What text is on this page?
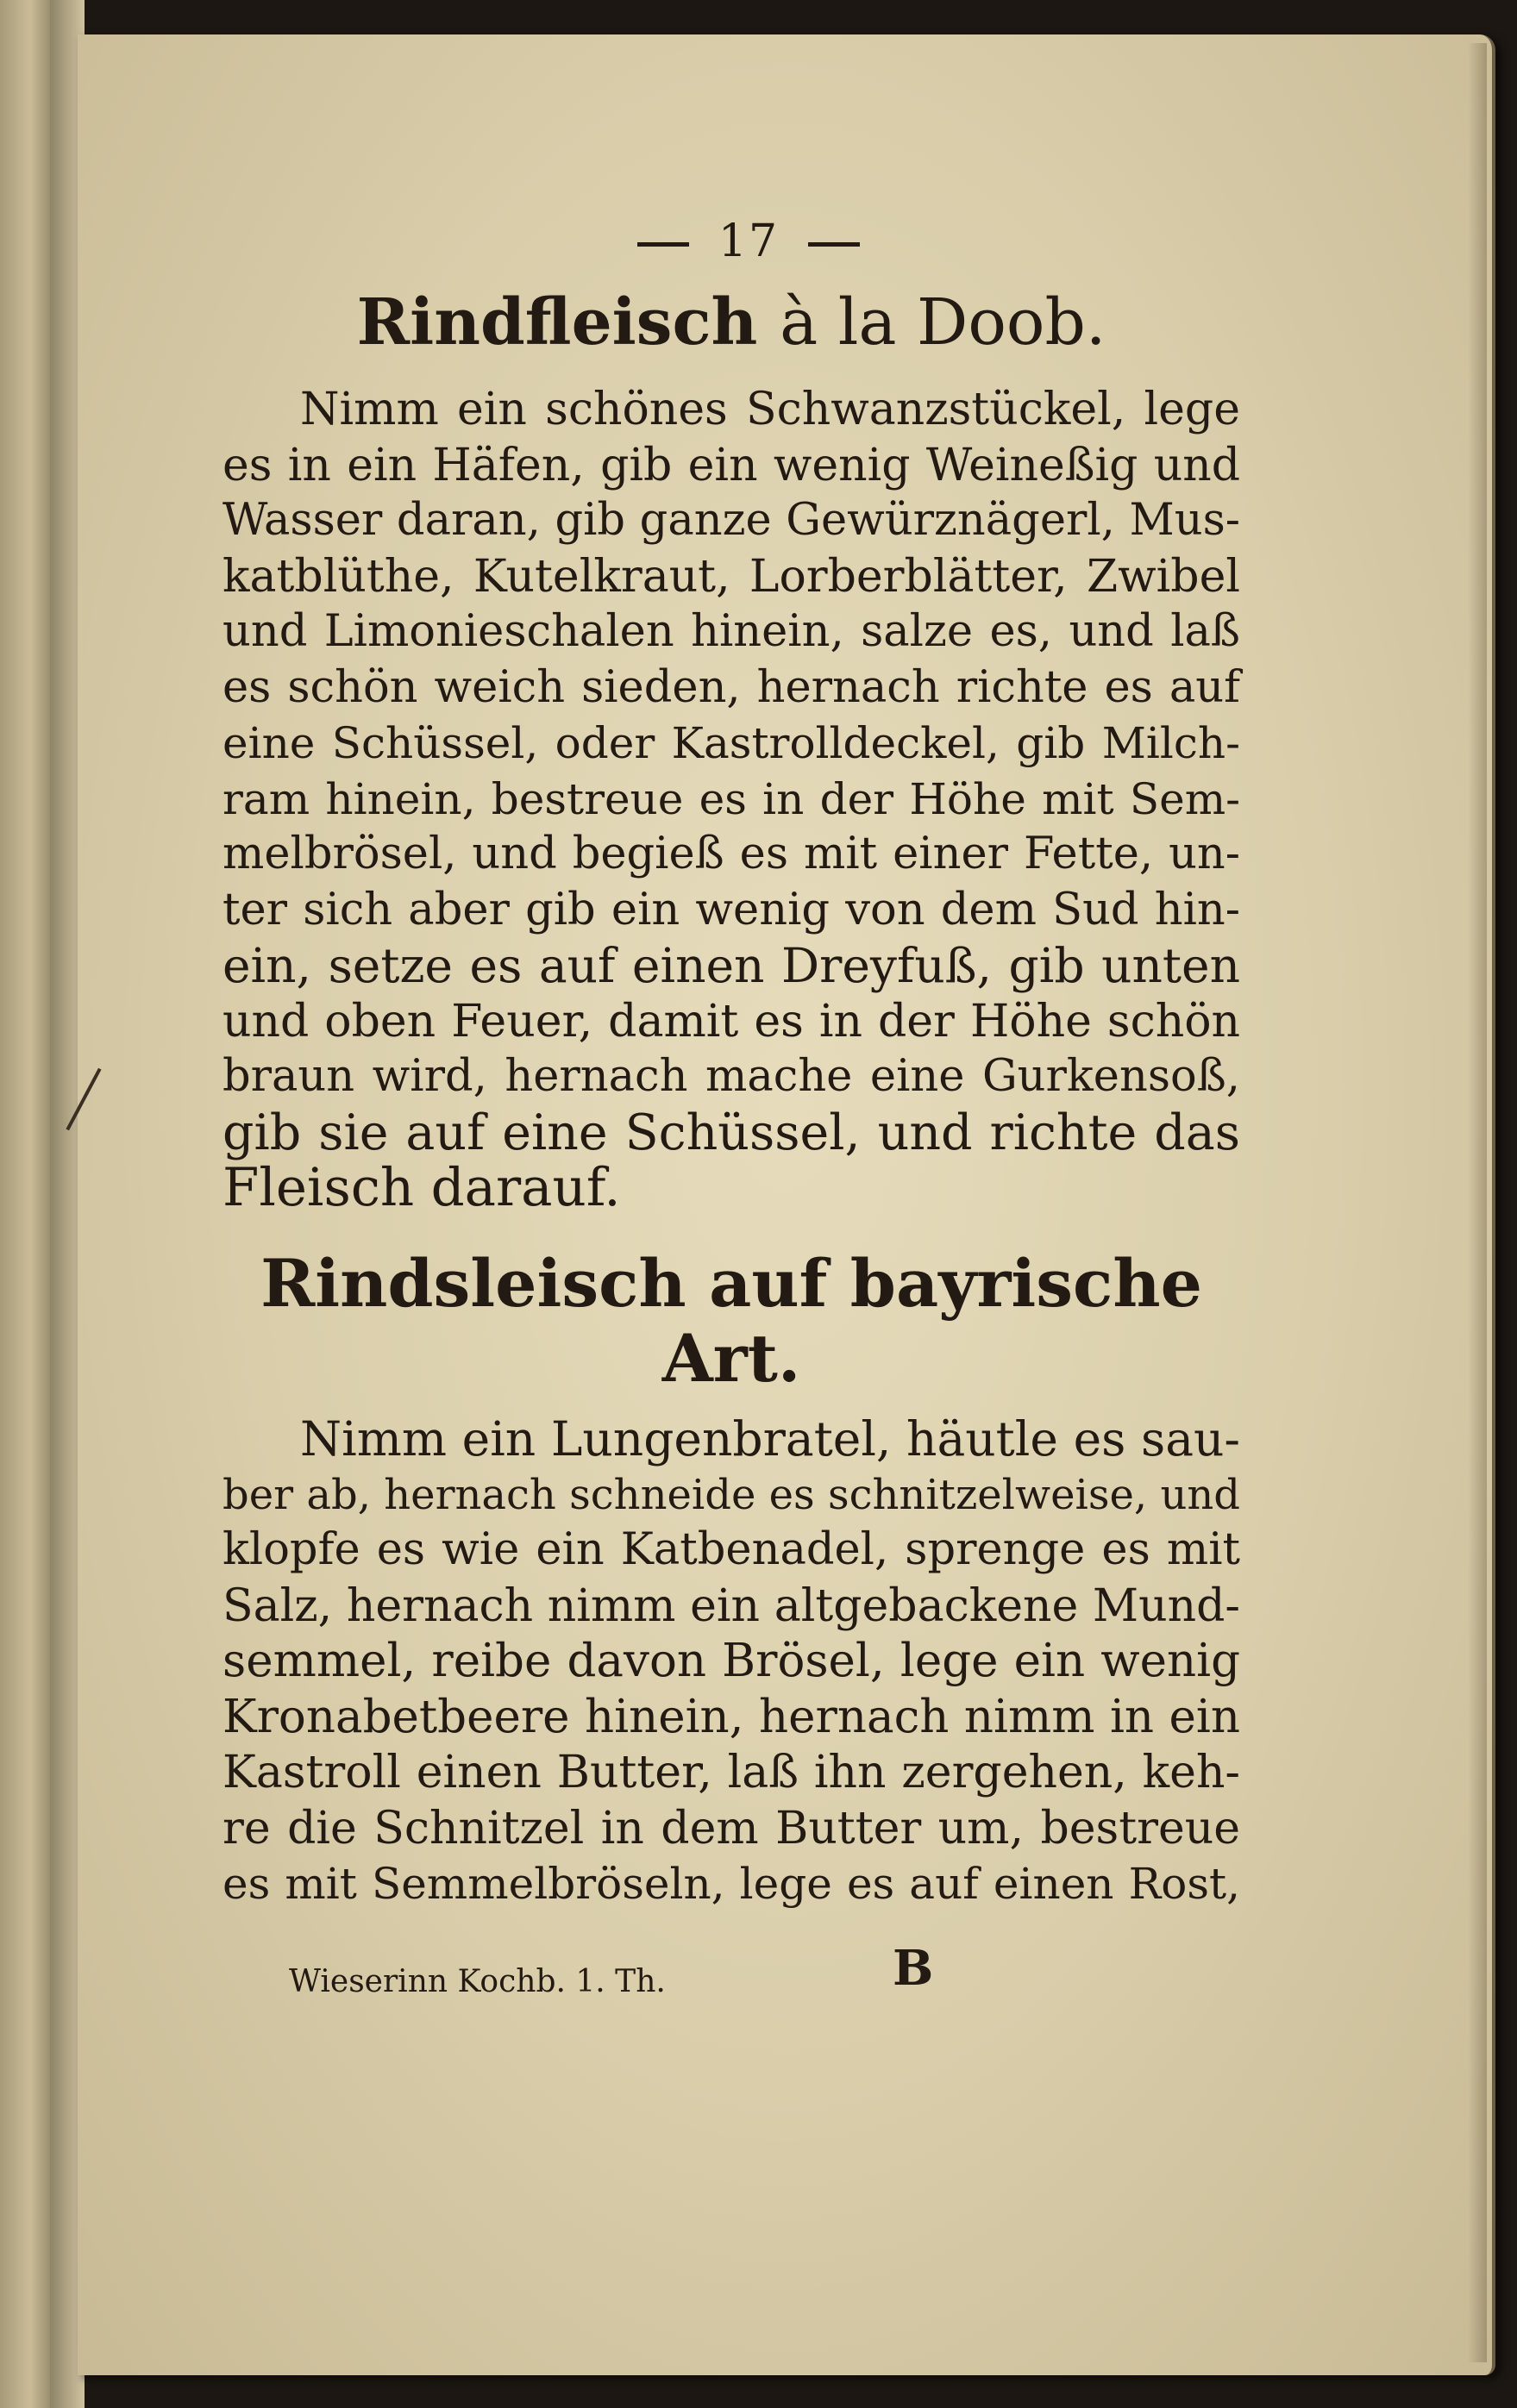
17
Rindfleisch à la Doob.
Nimm ein schönes Schwanzstückel, lege
es in ein Häfen, gib ein wenig Weineßig und
Wasser daran, gib ganze Gewürznägerl, Mus-
katblüthe, Kutelkraut, Lorberblätter, Zwibel
und Limonieschalen hinein, salze es, und laß
es schön weich sieden, hernach richte es auf
eine Schüssel, oder Kastrolldeckel, gib Milch-
ram hinein, bestreue es in der Höhe mit Sem-
melbrösel, und begieß es mit einer Fette, un-
ter sich aber gib ein wenig von dem Sud hin-
ein, setze es auf einen Dreyfuß, gib unten
und oben Feuer, damit es in der Höhe schön
braun wird, hernach mache eine Gurkensoß,
gib sie auf eine Schüssel, und richte das
Fleisch darauf.
Rindsleisch auf bayrische Art.
Nimm ein Lungenbratel, häutle es sau-
ber ab, hernach schneide es schnitzelweise, und
klopfe es wie ein Katbenadel, sprenge es mit
Salz, hernach nimm ein altgebackene Mund-
semmel, reibe davon Brösel, lege ein wenig
Kronabetbeere hinein, hernach nimm in ein
Kastroll einen Butter, laß ihn zergehen, keh-
re die Schnitzel in dem Butter um, bestreue
es mit Semmelbröseln, lege es auf einen Rost,
Wieserinn Kochb. 1. Th.	B
